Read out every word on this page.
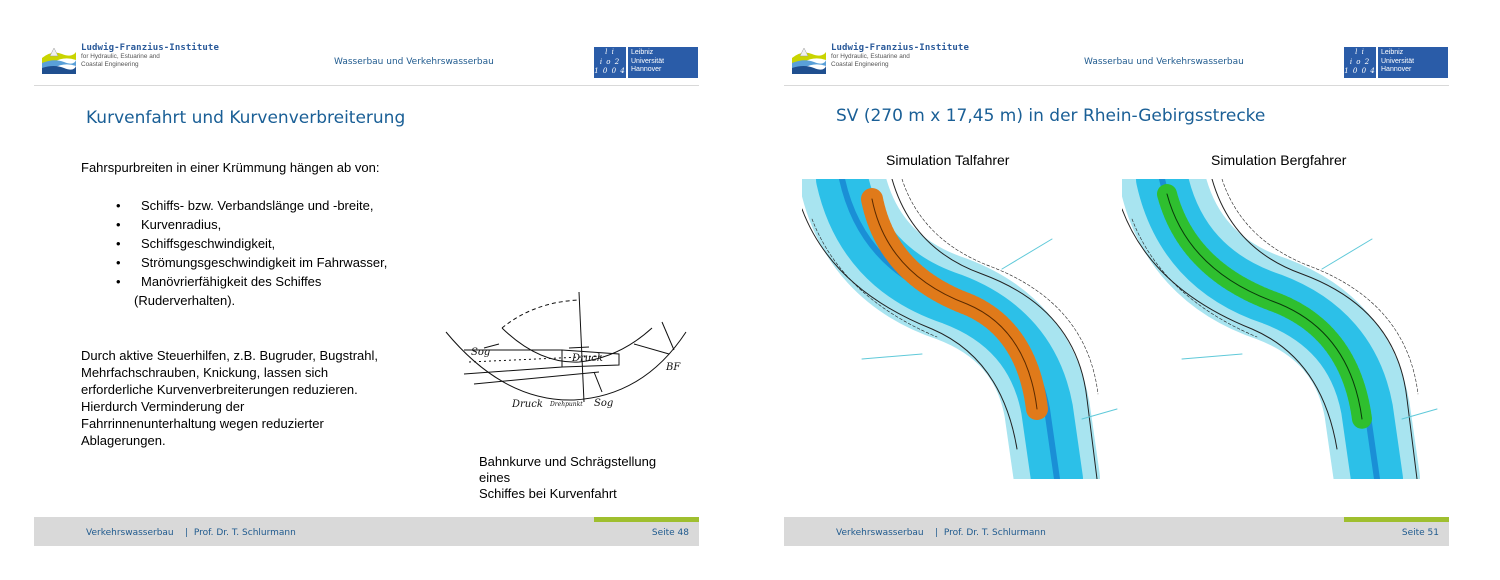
Ludwig-Franzius-Institute
for Hydraulic, Estuarine and
Coastal Engineering	Wasserbau und Verkehrswasserbau
l i
i o 2
1 0 0 4
Leibniz
Universität
Hannover
Kurvenfahrt und Kurvenverbreiterung
Fahrspurbreiten in einer Krümmung hängen ab von:
• Schiffs- bzw. Verbandslänge und -breite,
• Kurvenradius,
• Schiffsgeschwindigkeit,
• Strömungsgeschwindigkeit im Fahrwasser,
• Manövrierfähigkeit des Schiffes
(Ruderverhalten).
Durch aktive Steuerhilfen, z.B. Bugruder, Bugstrahl,
Mehrfachschrauben, Knickung, lassen sich
erforderliche Kurvenverbreiterungen reduzieren.
Hierdurch Verminderung der
Fahrrinnenunterhaltung wegen reduzierter
Ablagerungen.
Sog
Druck
BF
Druck Drehpunkt Sog
Bahnkurve und Schrägstellung
eines
Schiffes bei Kurvenfahrt
Verkehrswasserbau    |  Prof. Dr. T. Schlurmann	Seite 48
Ludwig-Franzius-Institute
for Hydraulic, Estuarine and
Coastal Engineering	Wasserbau und Verkehrswasserbau
l i
i o 2
1 0 0 4
Leibniz
Universität
Hannover
SV (270 m x 17,45 m) in der Rhein-Gebirgsstrecke
Simulation Talfahrer	Simulation Bergfahrer
Verkehrswasserbau    |  Prof. Dr. T. Schlurmann	Seite 51
